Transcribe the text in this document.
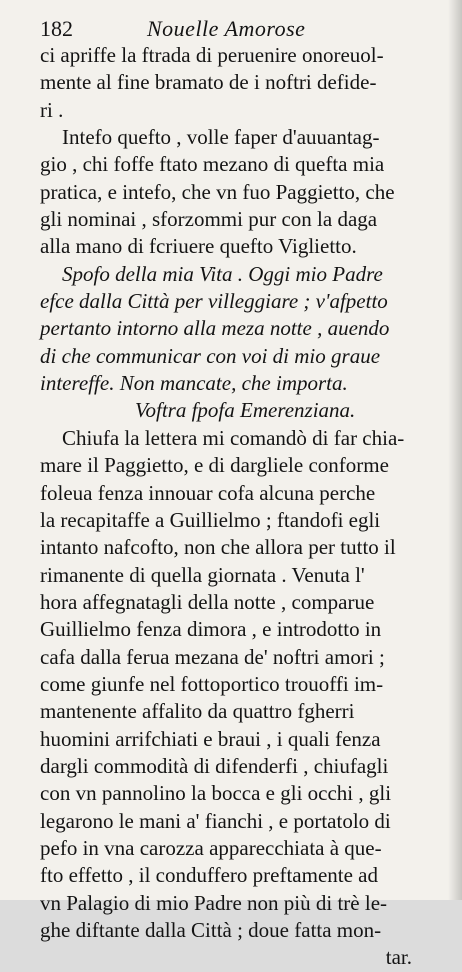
182	Nouelle Amorose
ci apriffe la ftrada di peruenire onoreuol-
mente al fine bramato de i noftri defide-
ri .
Intefo quefto , volle faper d'auuantag-
gio , chi foffe ftato mezano di quefta mia
pratica, e intefo, che vn fuo Paggietto, che
gli nominai , sforzommi pur con la daga
alla mano di fcriuere quefto Viglietto.
Spofo della mia Vita . Oggi mio Padre
efce dalla Città per villeggiare ; v'afpetto
pertanto intorno alla meza notte , auendo
di che communicar con voi di mio graue
intereffe. Non mancate, che importa.
Voftra fpofa Emerenziana.
Chiufa la lettera mi comandò di far chia-
mare il Paggietto, e di dargliele conforme
foleua fenza innouar cofa alcuna perche
la recapitaffe a Guillielmo ; ftandofi egli
intanto nafcofto, non che allora per tutto il
rimanente di quella giornata . Venuta l'
hora affegnatagli della notte , comparue
Guillielmo fenza dimora , e introdotto in
cafa dalla ferua mezana de' noftri amori ;
come giunfe nel fottoportico trouoffi im-
mantenente affalito da quattro fgherri
huomini arrifchiati e braui , i quali fenza
dargli commodità di difenderfi , chiufagli
con vn pannolino la bocca e gli occhi , gli
legarono le mani a' fianchi , e portatolo di
pefo in vna carozza apparecchiata à que-
fto effetto , il conduffero preftamente ad
vn Palagio di mio Padre non più di trè le-
ghe diftante dalla Città ; doue fatta mon-
tar.
